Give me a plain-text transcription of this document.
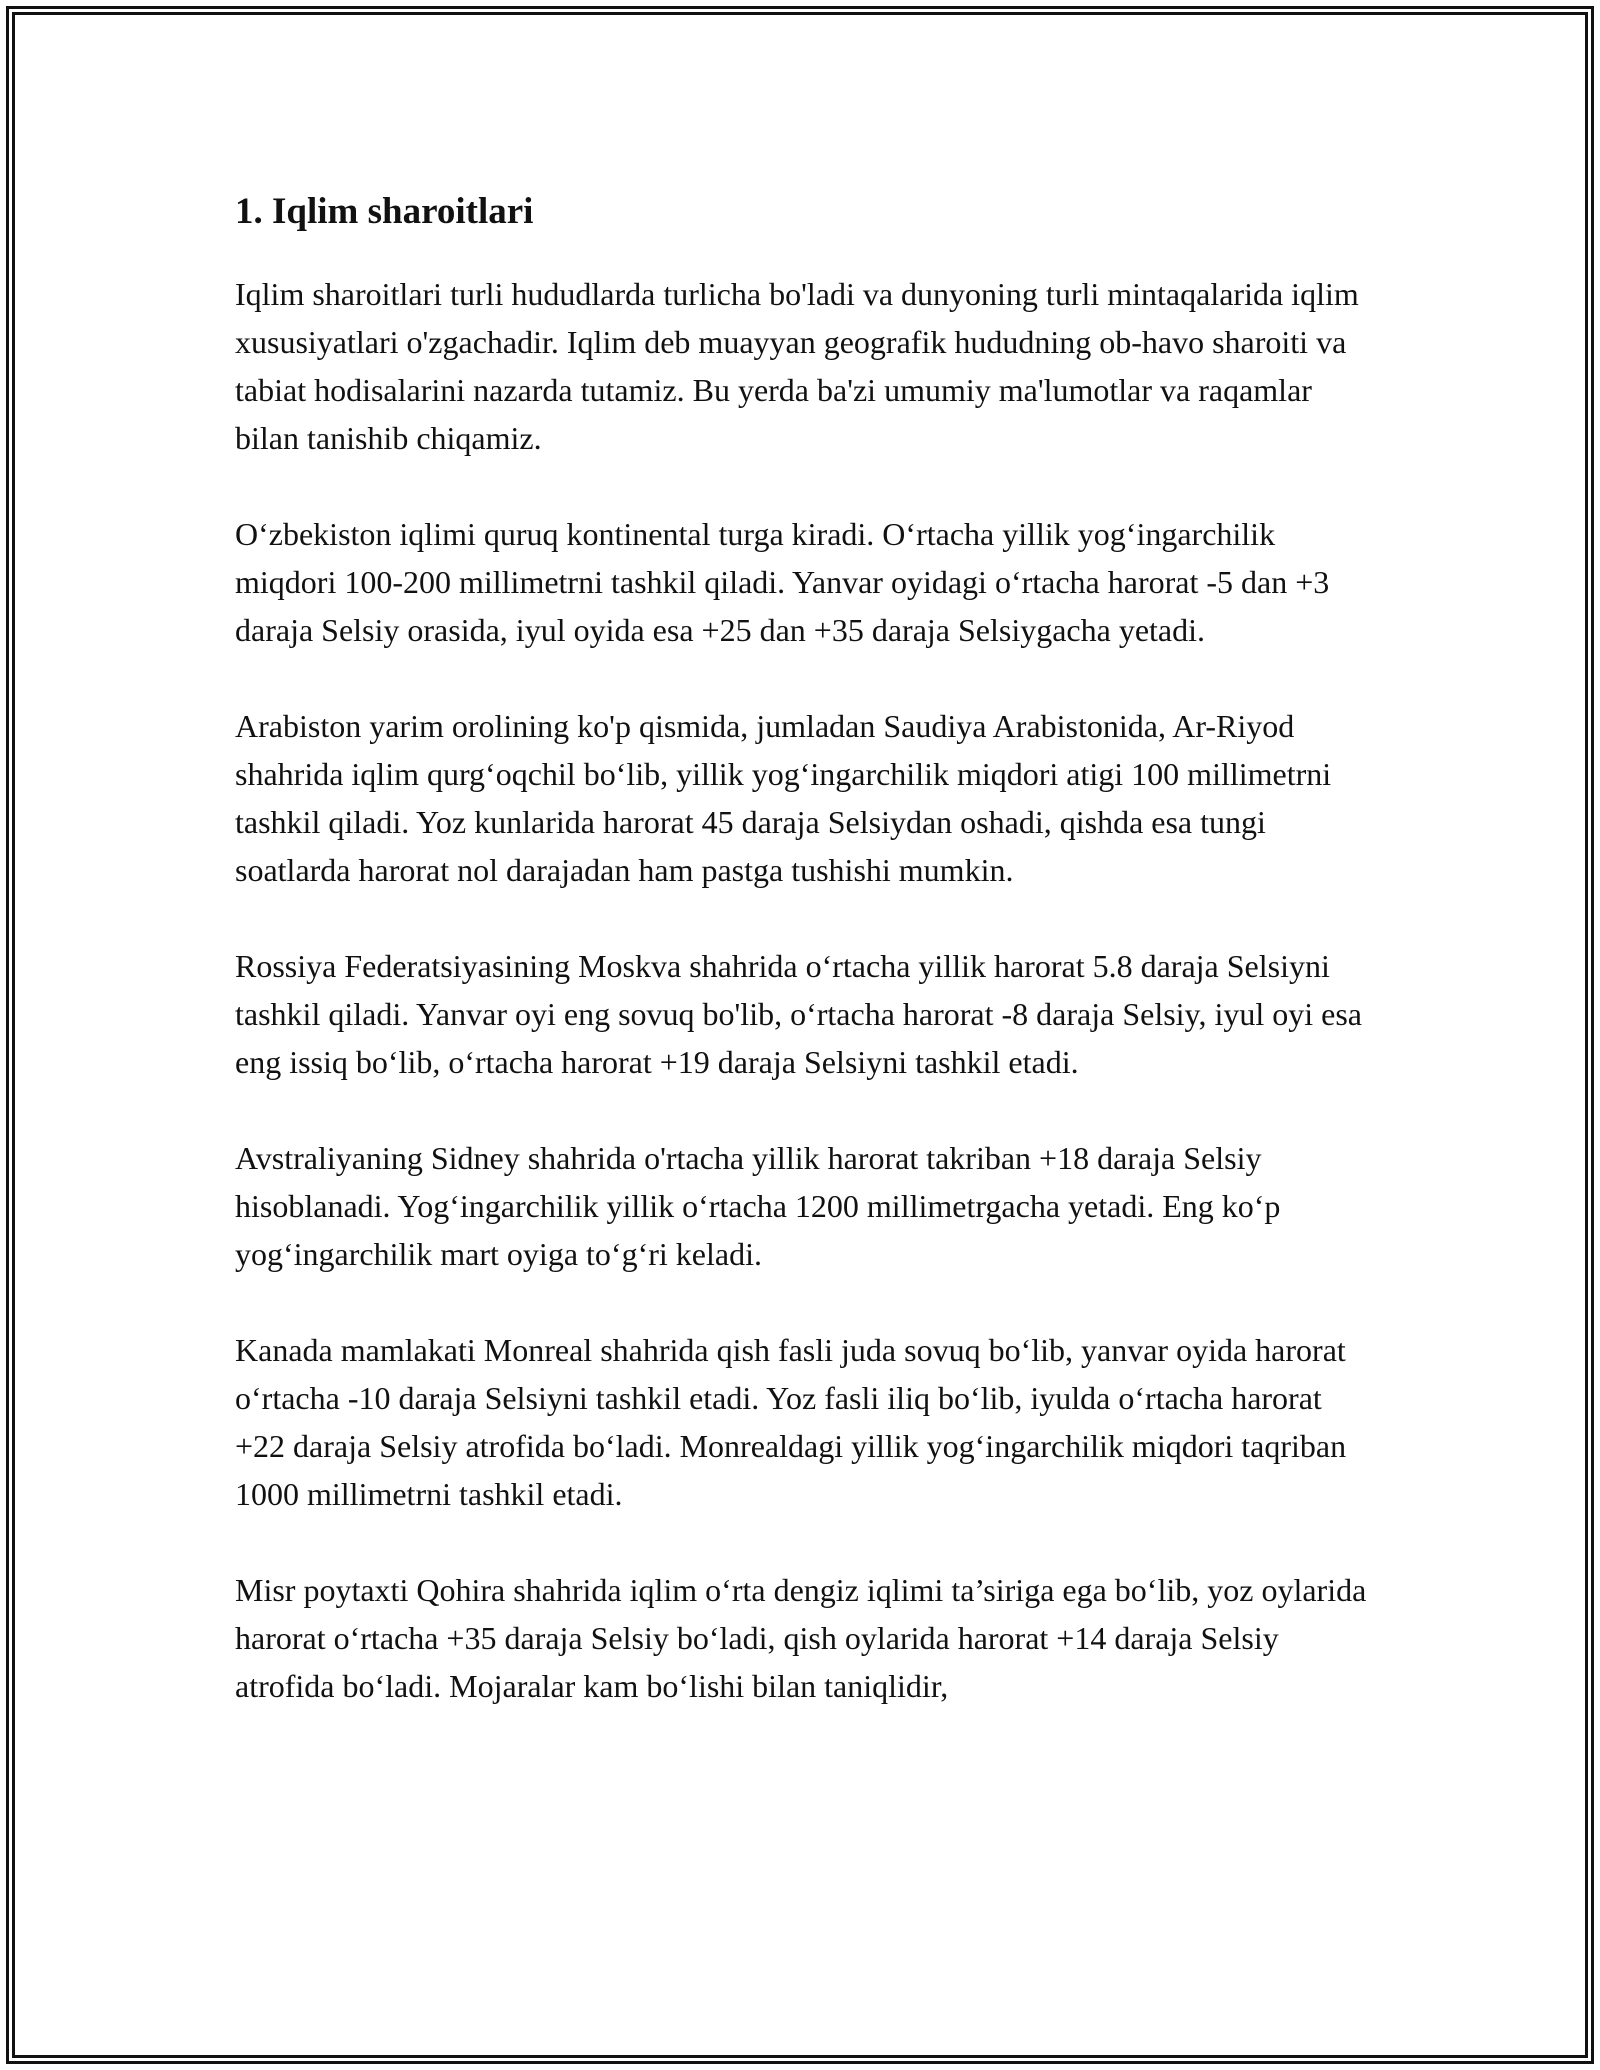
1. Iqlim sharoitlari

Iqlim sharoitlari turli hududlarda turlicha bo'ladi va dunyoning turli mintaqalarida iqlim xususiyatlari o'zgachadir. Iqlim deb muayyan geografik hududning ob-havo sharoiti va tabiat hodisalarini nazarda tutamiz. Bu yerda ba'zi umumiy ma'lumotlar va raqamlar bilan tanishib chiqamiz.

O‘zbekiston iqlimi quruq kontinental turga kiradi. O‘rtacha yillik yog‘ingarchilik miqdori 100-200 millimetrni tashkil qiladi. Yanvar oyidagi o‘rtacha harorat -5 dan +3 daraja Selsiy orasida, iyul oyida esa +25 dan +35 daraja Selsiygacha yetadi.

Arabiston yarim orolining ko'p qismida, jumladan Saudiya Arabistonida, Ar-Riyod shahrida iqlim qurg‘oqchil bo‘lib, yillik yog‘ingarchilik miqdori atigi 100 millimetrni tashkil qiladi. Yoz kunlarida harorat 45 daraja Selsiydan oshadi, qishda esa tungi soatlarda harorat nol darajadan ham pastga tushishi mumkin.

Rossiya Federatsiyasining Moskva shahrida o‘rtacha yillik harorat 5.8 daraja Selsiyni tashkil qiladi. Yanvar oyi eng sovuq bo'lib, o‘rtacha harorat -8 daraja Selsiy, iyul oyi esa eng issiq bo‘lib, o‘rtacha harorat +19 daraja Selsiyni tashkil etadi.

Avstraliyaning Sidney shahrida o'rtacha yillik harorat takriban +18 daraja Selsiy hisoblanadi. Yog‘ingarchilik yillik o‘rtacha 1200 millimetrgacha yetadi. Eng ko‘p yog‘ingarchilik mart oyiga to‘g‘ri keladi.

Kanada mamlakati Monreal shahrida qish fasli juda sovuq bo‘lib, yanvar oyida harorat o‘rtacha -10 daraja Selsiyni tashkil etadi. Yoz fasli iliq bo‘lib, iyulda o‘rtacha harorat +22 daraja Selsiy atrofida bo‘ladi. Monrealdagi yillik yog‘ingarchilik miqdori taqriban 1000 millimetrni tashkil etadi.

Misr poytaxti Qohira shahrida iqlim o‘rta dengiz iqlimi ta’siriga ega bo‘lib, yoz oylarida harorat o‘rtacha +35 daraja Selsiy bo‘ladi, qish oylarida harorat +14 daraja Selsiy atrofida bo‘ladi. Mojaralar kam bo‘lishi bilan taniqlidir,
